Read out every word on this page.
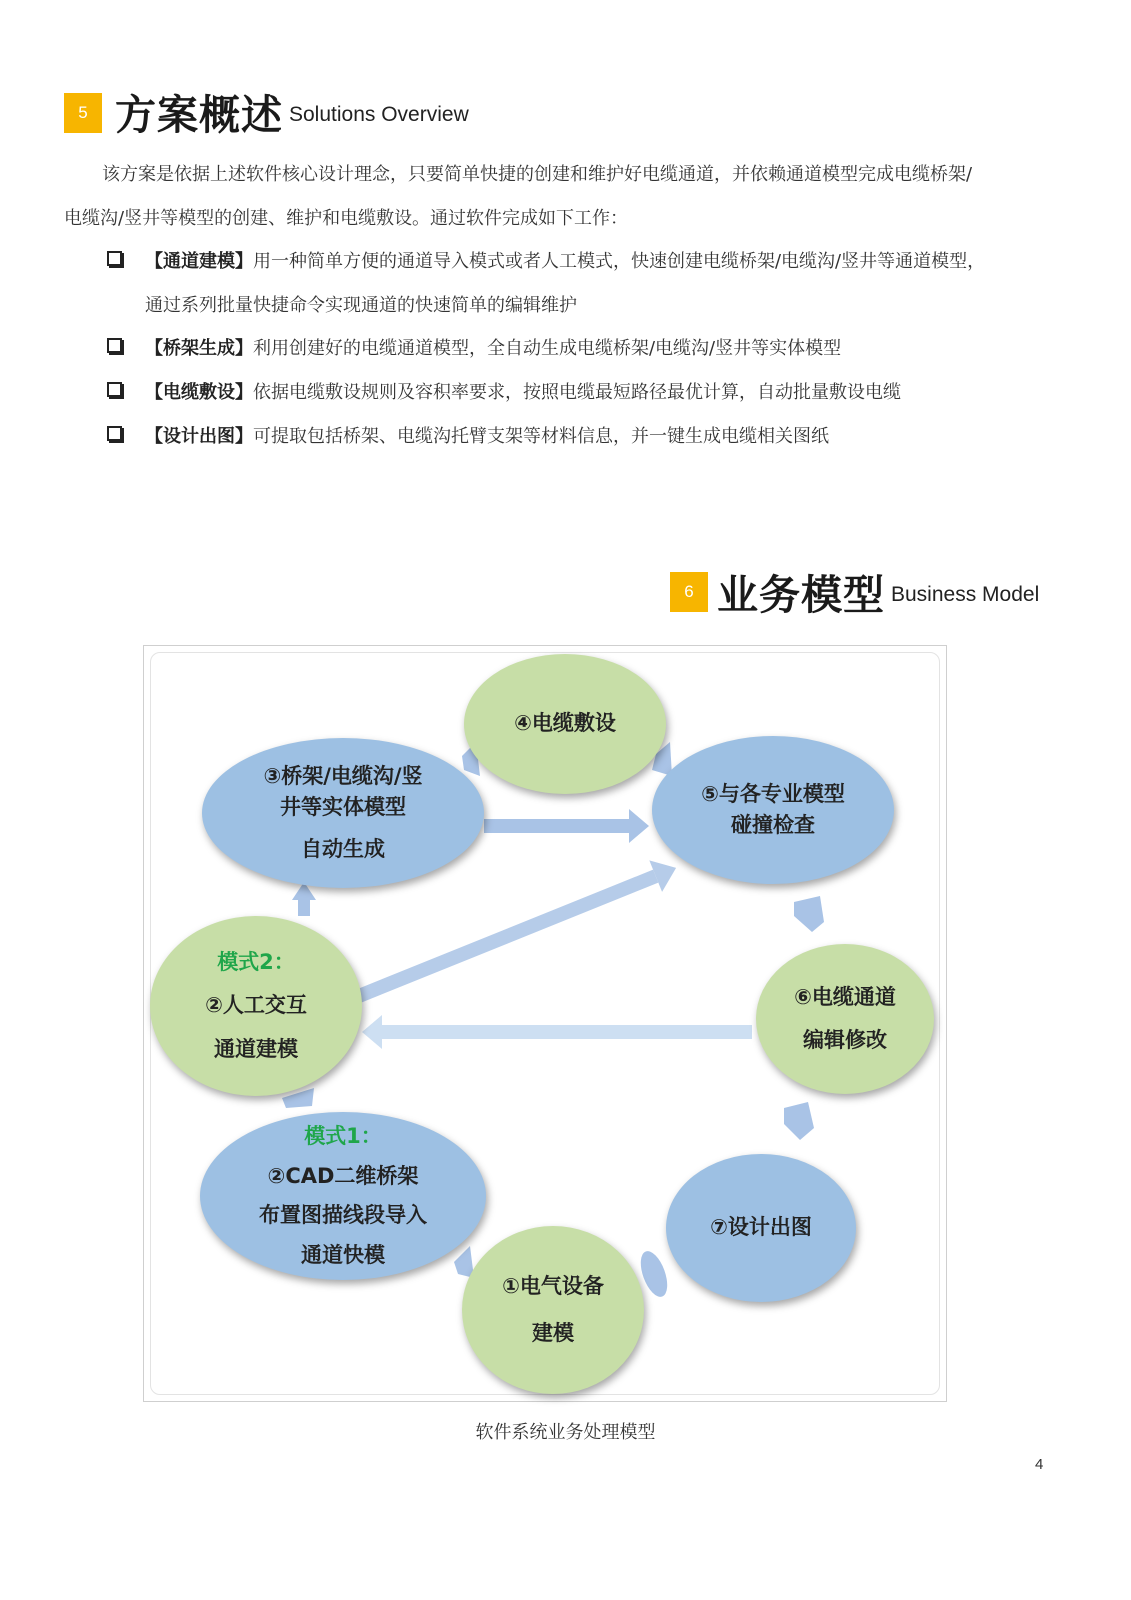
5 方案概述 Solutions Overview
该方案是依据上述软件核心设计理念，只要简单快捷的创建和维护好电缆通道，并依赖通道模型完成电缆桥架/
电缆沟/竖井等模型的创建、维护和电缆敷设。通过软件完成如下工作：
【通道建模】用一种简单方便的通道导入模式或者人工模式，快速创建电缆桥架/电缆沟/竖井等通道模型，
通过系列批量快捷命令实现通道的快速简单的编辑维护
【桥架生成】利用创建好的电缆通道模型，全自动生成电缆桥架/电缆沟/竖井等实体模型
【电缆敷设】依据电缆敷设规则及容积率要求，按照电缆最短路径最优计算，自动批量敷设电缆
【设计出图】可提取包括桥架、电缆沟托臂支架等材料信息，并一键生成电缆相关图纸
6 业务模型 Business Model
④电缆敷设
③桥架/电缆沟/竖
井等实体模型
自动生成
⑤与各专业模型
碰撞检查
模式2：
②人工交互
通道建模
⑥电缆通道
编辑修改
模式1：
②CAD二维桥架
布置图描线段导入
通道快模
⑦设计出图
①电气设备
建模
软件系统业务处理模型
4
